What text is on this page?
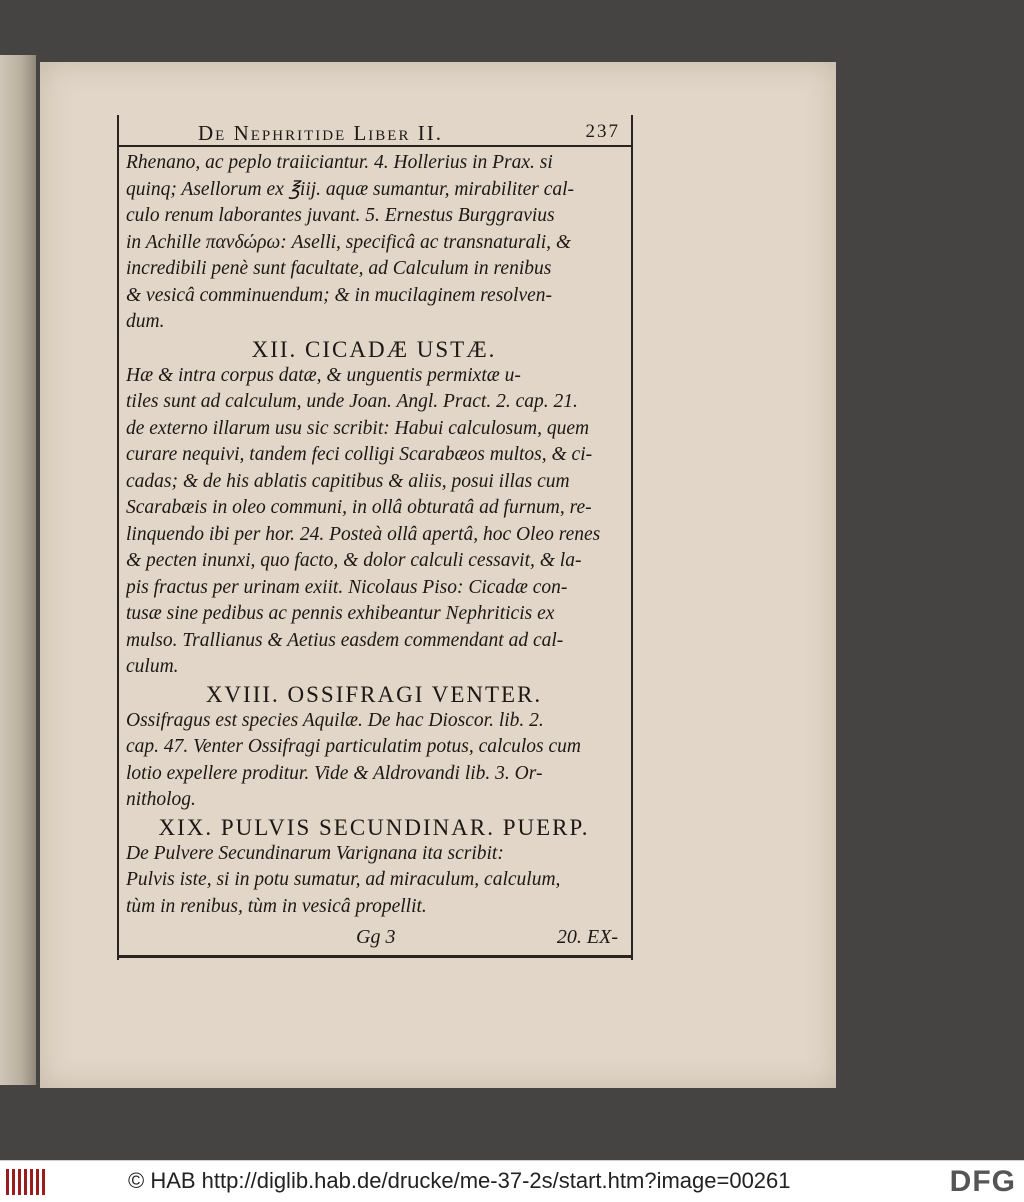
De Nephritide Liber II.	237
Rhenano, ac peplo traiiciantur. 4. Hollerius in Prax. si
quinq; Asellorum ex ℥iij. aquæ sumantur, mirabiliter cal-
culo renum laborantes juvant. 5. Ernestus Burggravius
in Achille πανδώρω: Aselli, specificâ ac transnaturali, &
incredibili penè sunt facultate, ad Calculum in renibus
& vesicâ comminuendum; & in mucilaginem resolven-
dum.
XII. CICADÆ USTÆ.
Hæ & intra corpus datæ, & unguentis permixtæ u-
tiles sunt ad calculum, unde Joan. Angl. Pract. 2. cap. 21.
de externo illarum usu sic scribit: Habui calculosum, quem
curare nequivi, tandem feci colligi Scarabæos multos, & ci-
cadas; & de his ablatis capitibus & aliis, posui illas cum
Scarabæis in oleo communi, in ollâ obturatâ ad furnum, re-
linquendo ibi per hor. 24. Posteà ollâ apertâ, hoc Oleo renes
& pecten inunxi, quo facto, & dolor calculi cessavit, & la-
pis fractus per urinam exiit. Nicolaus Piso: Cicadæ con-
tusæ sine pedibus ac pennis exhibeantur Nephriticis ex
mulso. Trallianus & Aetius easdem commendant ad cal-
culum.
XVIII. OSSIFRAGI VENTER.
Ossifragus est species Aquilæ. De hac Dioscor. lib. 2.
cap. 47. Venter Ossifragi particulatim potus, calculos cum
lotio expellere proditur. Vide & Aldrovandi lib. 3. Or-
nitholog.
XIX. PULVIS SECUNDINAR. PUERP.
De Pulvere Secundinarum Varignana ita scribit:
Pulvis iste, si in potu sumatur, ad miraculum, calculum,
tùm in renibus, tùm in vesicâ propellit.
Gg 3	20. EX-
© HAB http://diglib.hab.de/drucke/me-37-2s/start.htm?image=00261	DFG
